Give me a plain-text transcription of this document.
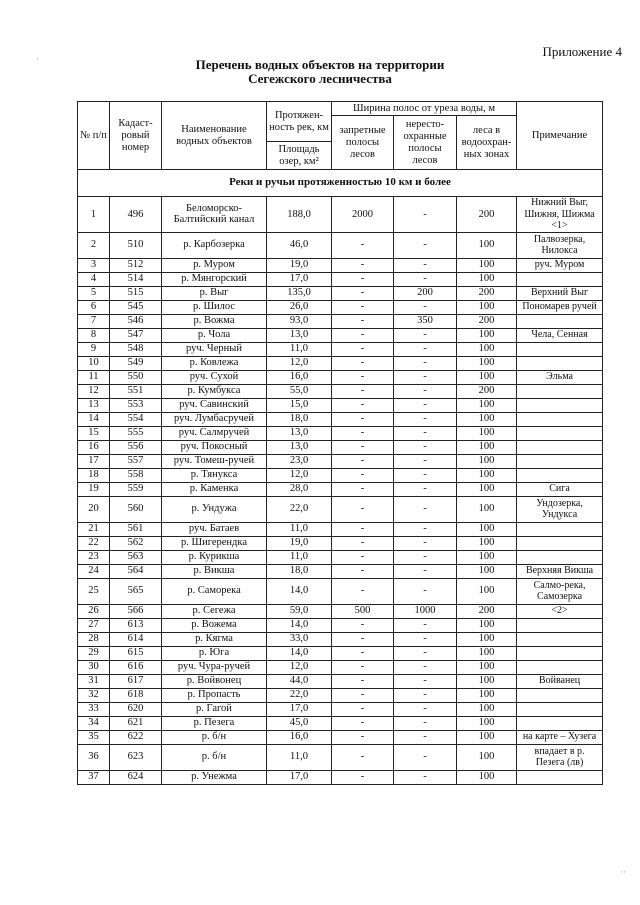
Приложение 4
Перечень водных объектов на территории
Сегежского лесничества
№ п/п	Кадаст-ровый номер	Наименование водных объектов	Протяжен-ность рек, км	Ширина полос от уреза воды, м			Примечание
				запретные полосы лесов	нересто-охранные полосы лесов	леса в водоохран-ных зонах	
			Площадь озер, км²				
Реки и ручьи протяженностью 10 км и более							
1	496	Беломорско-Балтийский канал	188,0	2000	-	200	Нижний Выг, Шижня, Шижма <1>
2	510	р. Карбозерка	46,0	-	-	100	Палвозерка, Нилокса
3	512	р. Муром	19,0	-	-	100	руч. Муром
4	514	р. Мянгорский	17,0	-	-	100	
5	515	р. Выг	135,0	-	200	200	Верхний Выг
6	545	р. Шилос	26,0	-	-	100	Пономарев ручей
7	546	р. Вожма	93,0	-	350	200	
8	547	р. Чола	13,0	-	-	100	Чела, Сенная
9	548	руч. Черный	11,0	-	-	100	
10	549	р. Ковлежа	12,0	-	-	100	
11	550	руч. Сухой	16,0	-	-	100	Эльма
12	551	р. Кумбукса	55,0	-	-	200	
13	553	руч. Савинский	15,0	-	-	100	
14	554	руч. Лумбасручей	18,0	-	-	100	
15	555	руч. Салмручей	13,0	-	-	100	
16	556	руч. Покосный	13,0	-	-	100	
17	557	руч. Томеш-ручей	23,0	-	-	100	
18	558	р. Тянукса	12,0	-	-	100	
19	559	р. Каменка	28,0	-	-	100	Сига
20	560	р. Ундужа	22,0	-	-	100	Ундозерка, Ундукса
21	561	руч. Батаев	11,0	-	-	100	
22	562	р. Шигерендка	19,0	-	-	100	
23	563	р. Курикша	11,0	-	-	100	
24	564	р. Викша	18,0	-	-	100	Верхняя Викша
25	565	р. Саморека	14,0	-	-	100	Салмо-река, Самозерка
26	566	р. Сегежа	59,0	500	1000	200	<2>
27	613	р. Вожема	14,0	-	-	100	
28	614	р. Кягма	33,0	-	-	100	
29	615	р. Юга	14,0	-	-	100	
30	616	руч. Чура-ручей	12,0	-	-	100	
31	617	р. Войвонец	44,0	-	-	100	Войванец
32	618	р. Пропасть	22,0	-	-	100	
33	620	р. Гагой	17,0	-	-	100	
34	621	р. Пезега	45,0	-	-	100	
35	622	р. б/н	16,0	-	-	100	на карте – Хузега
36	623	р. б/н	11,0	-	-	100	впадает в р. Пезега (лв)
37	624	р. Унежма	17,0	-	-	100	
·
··
